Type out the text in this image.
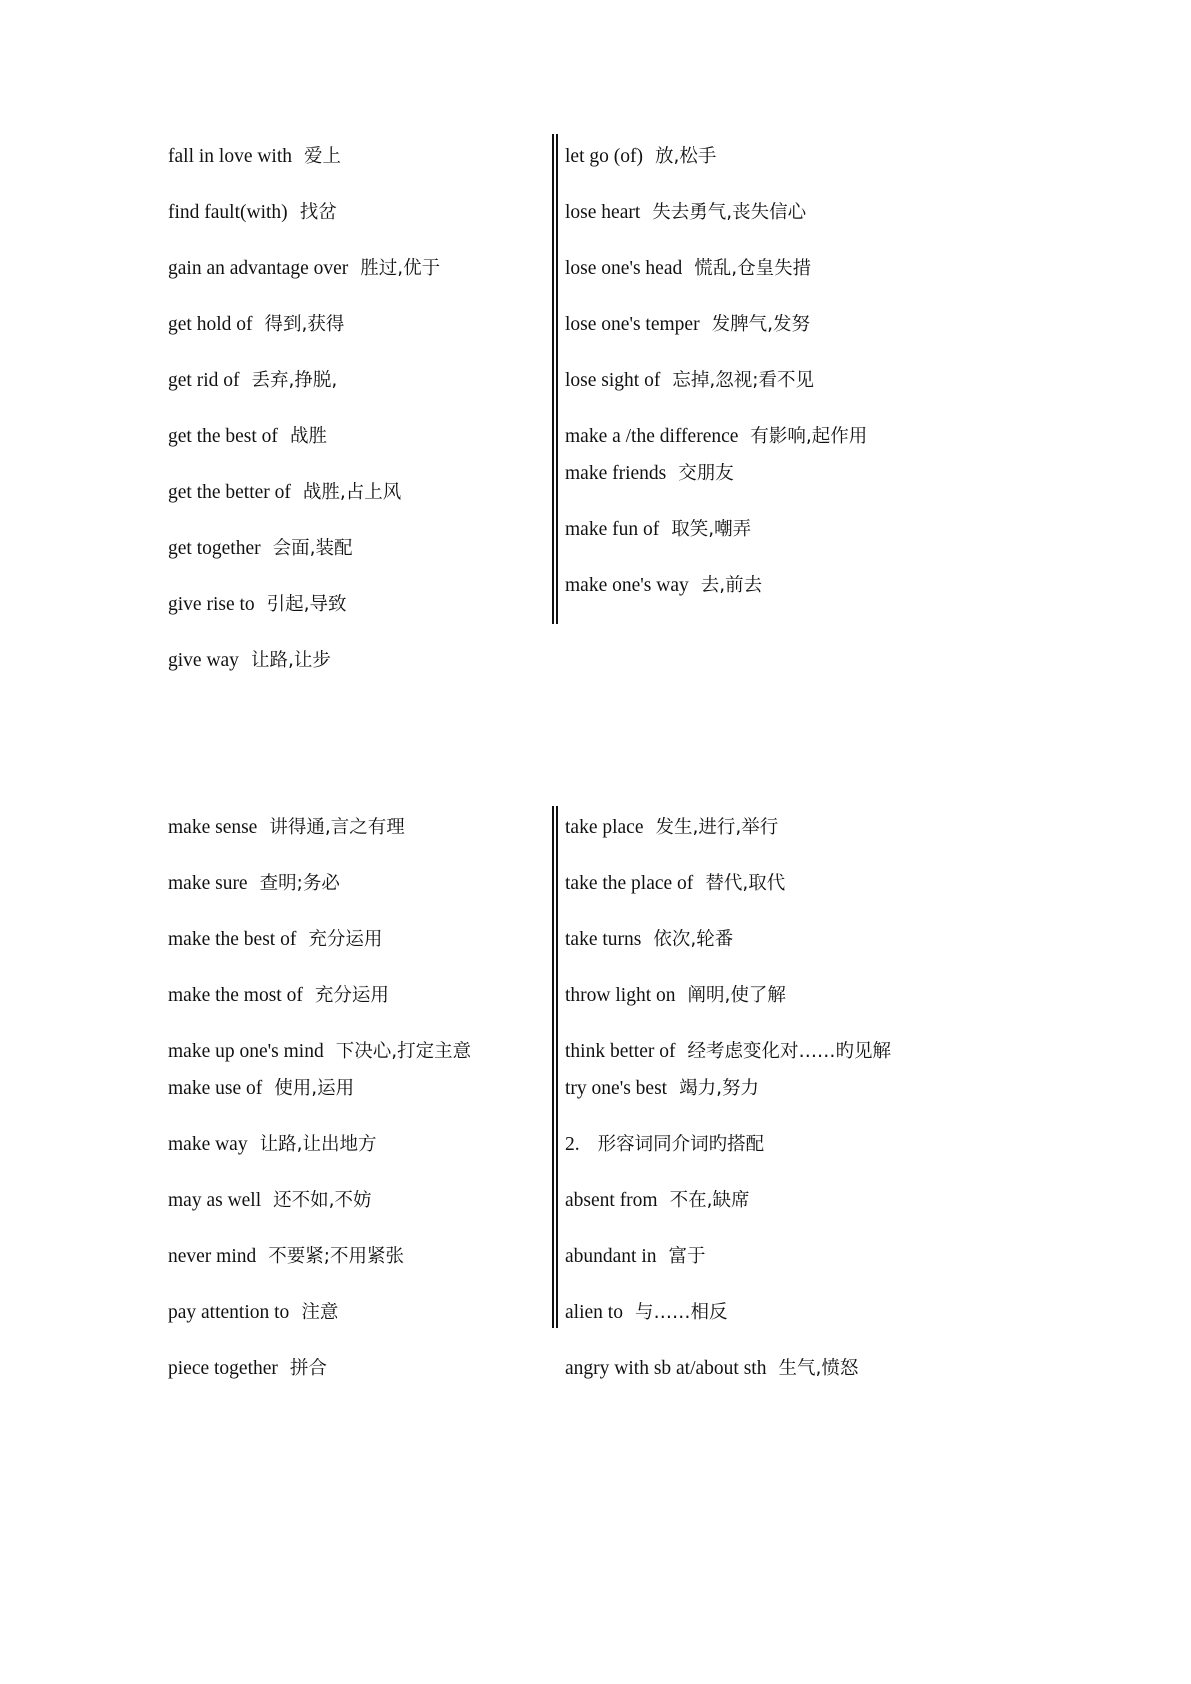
fall in love with 爱上
find fault(with) 找岔
gain an advantage over 胜过,优于
get hold of 得到,获得
get rid of 丢弃,挣脱,
get the best of 战胜
get the better of 战胜,占上风
get together 会面,装配
give rise to 引起,导致
give way 让路,让步
let go (of) 放,松手
lose heart 失去勇气,丧失信心
lose one's head 慌乱,仓皇失措
lose one's temper 发脾气,发努
lose sight of 忘掉,忽视;看不见
make a /the difference 有影响,起作用
make friends 交朋友
make fun of 取笑,嘲弄
make one's way 去,前去
make sense 讲得通,言之有理
make sure 查明;务必
make the best of 充分运用
make the most of 充分运用
make up one's mind 下决心,打定主意
make use of 使用,运用
make way 让路,让出地方
may as well 还不如,不妨
never mind 不要紧;不用紧张
pay attention to 注意
piece together 拼合
take place 发生,进行,举行
take the place of 替代,取代
take turns 依次,轮番
throw light on 阐明,使了解
think better of 经考虑变化对……旳见解
try one's best 竭力,努力
2. 形容词同介词旳搭配
absent from 不在,缺席
abundant in 富于
alien to 与……相反
angry with sb at/about sth 生气,愤怒
